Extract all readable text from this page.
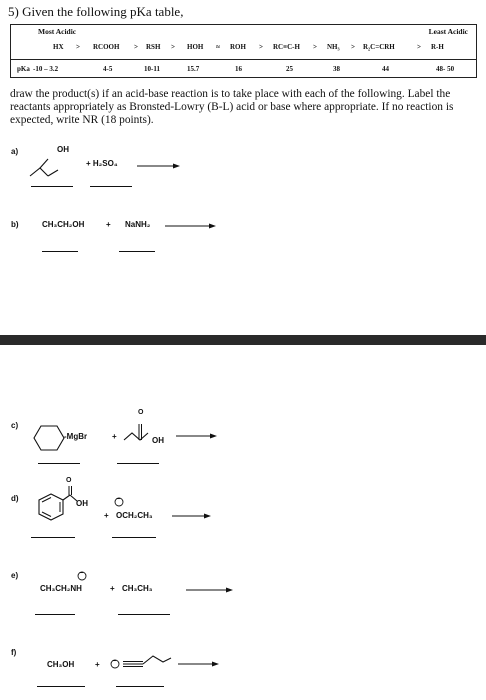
5) Given the following pKa table,
Most Acidic	Least Acidic
HX > RCOOH > RSH > HOH ≈ ROH > RC≡C-H > NH₃ > R₂C=CRH	> R-H
pKa -10 – 3.2	4-5	10-11	15.7	16	25	38	44	48- 50
draw the product(s) if an acid-base reaction is to take place with each of the following. Label the reactants appropriately as Bronsted-Lowry (B-L) acid or base where appropriate. If no reaction is expected, write NR (18 points).
a)	OH
+ H₂SO₄
b)	CH₃CH₂OH	+ NaNH₂
c)
-MgBr	+
O
OH
d)
O
OH
+
−
OCH₂CH₃
e)	−
CH₃CH₂NH	+ CH₃CH₃
f)
CH₃OH	+ −
